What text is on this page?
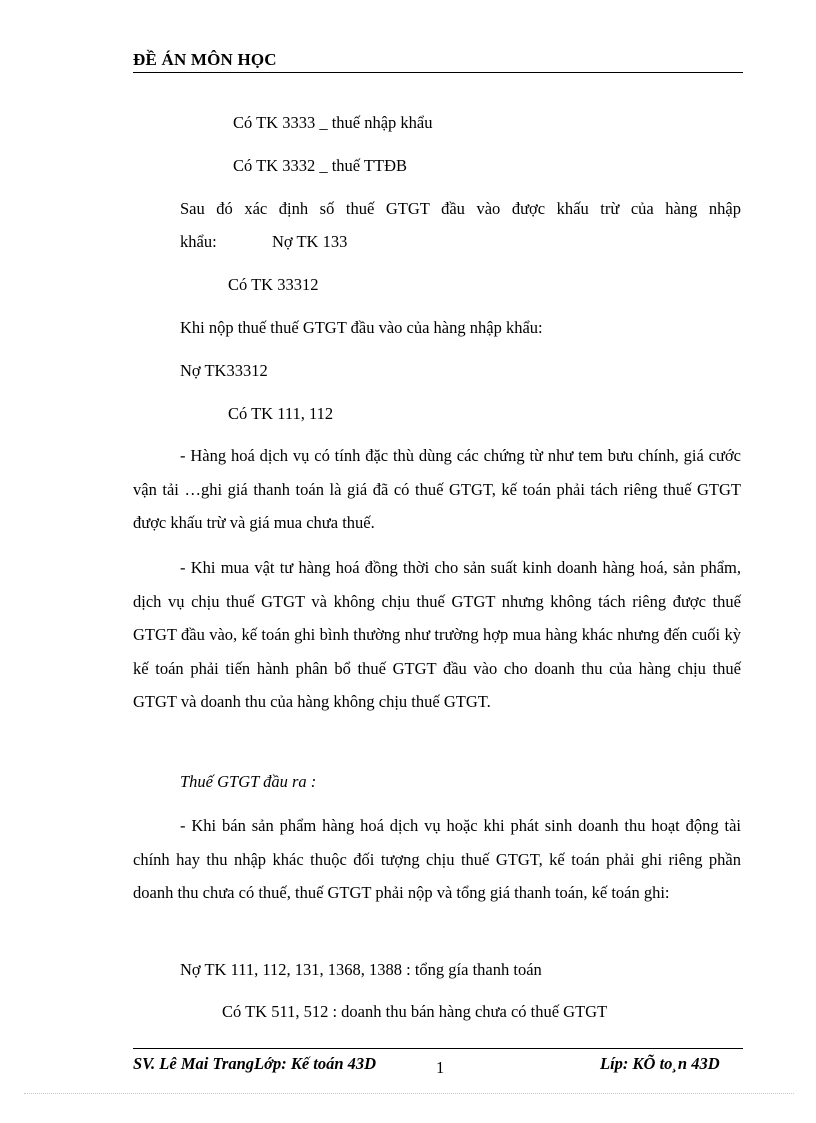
ĐỀ ÁN MÔN HỌC
Có TK 3333 _ thuế nhập khẩu
Có TK 3332 _ thuế TTĐB
Sau đó xác định số thuế GTGT đầu vào được khấu trừ của hàng nhập
khẩu:	Nợ TK 133
Có TK 33312
Khi nộp thuế thuế GTGT đầu vào của hàng nhập khẩu:
Nợ TK33312
Có TK 111, 112
- Hàng hoá dịch vụ có tính đặc thù dùng các chứng từ như tem bưu chính, giá cước vận tải …ghi giá thanh toán là giá đã có thuế GTGT, kế toán phải tách riêng thuế GTGT được khấu trừ và giá mua chưa thuế.
- Khi mua vật tư hàng hoá đồng thời cho sản suất kinh doanh hàng hoá, sản phẩm, dịch vụ chịu thuế GTGT và không chịu thuế GTGT nhưng không tách riêng được thuế GTGT đầu vào, kế toán ghi bình thường như trường hợp mua hàng khác nhưng đến cuối kỳ kế toán phải tiến hành phân bổ thuế GTGT đầu vào cho doanh thu của hàng chịu thuế GTGT và doanh thu của hàng không chịu thuế GTGT.
Thuế GTGT đầu ra :
- Khi bán sản phẩm hàng hoá dịch vụ hoặc khi phát sinh doanh thu hoạt động tài chính hay thu nhập khác thuộc đối tượng chịu thuế GTGT, kế toán phải ghi riêng phần doanh thu chưa có thuế, thuế GTGT phải nộp và tổng giá thanh toán, kế toán ghi:
Nợ TK 111, 112, 131, 1368, 1388 : tổng gía thanh toán
Có TK 511, 512 : doanh thu bán hàng chưa có thuế GTGT
SV. Lê Mai TrangLớp: Kế toán 43D	1	Líp: KÕ to¸n 43D
